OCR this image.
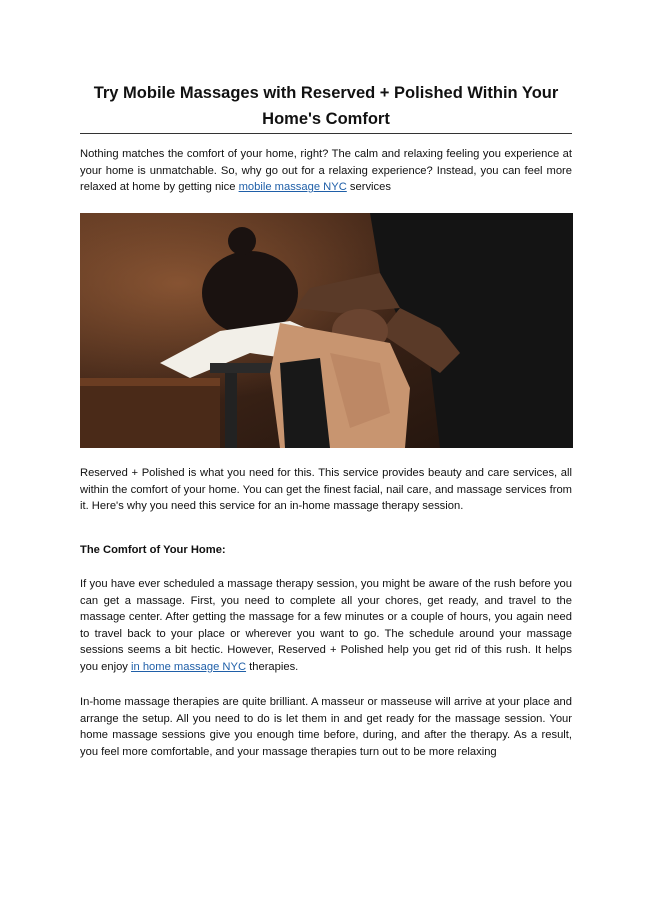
Try Mobile Massages with Reserved + Polished Within Your Home's Comfort
Nothing matches the comfort of your home, right? The calm and relaxing feeling you experience at your home is unmatchable. So, why go out for a relaxing experience? Instead, you can feel more relaxed at home by getting nice mobile massage NYC services
Reserved + Polished is what you need for this. This service provides beauty and care services, all within the comfort of your home. You can get the finest facial, nail care, and massage services from it. Here's why you need this service for an in-home massage therapy session.
The Comfort of Your Home:
If you have ever scheduled a massage therapy session, you might be aware of the rush before you can get a massage. First, you need to complete all your chores, get ready, and travel to the massage center. After getting the massage for a few minutes or a couple of hours, you again need to travel back to your place or wherever you want to go. The schedule around your massage sessions seems a bit hectic. However, Reserved + Polished help you get rid of this rush. It helps you enjoy in home massage NYC therapies.
In-home massage therapies are quite brilliant. A masseur or masseuse will arrive at your place and arrange the setup. All you need to do is let them in and get ready for the massage session. Your home massage sessions give you enough time before, during, and after the therapy. As a result, you feel more comfortable, and your massage therapies turn out to be more relaxing
